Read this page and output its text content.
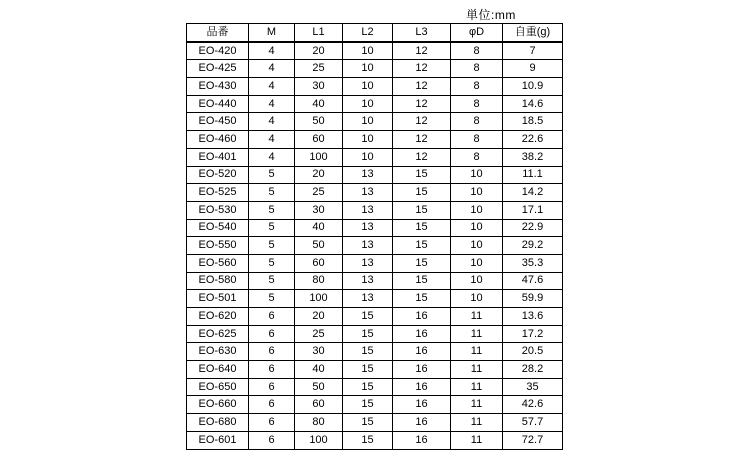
単位:mm
品番	M	L1	L2	L3	φD	自重(g)
EO-420	4	20	10	12	8	7
EO-425	4	25	10	12	8	9
EO-430	4	30	10	12	8	10.9
EO-440	4	40	10	12	8	14.6
EO-450	4	50	10	12	8	18.5
EO-460	4	60	10	12	8	22.6
EO-401	4	100	10	12	8	38.2
EO-520	5	20	13	15	10	11.1
EO-525	5	25	13	15	10	14.2
EO-530	5	30	13	15	10	17.1
EO-540	5	40	13	15	10	22.9
EO-550	5	50	13	15	10	29.2
EO-560	5	60	13	15	10	35.3
EO-580	5	80	13	15	10	47.6
EO-501	5	100	13	15	10	59.9
EO-620	6	20	15	16	11	13.6
EO-625	6	25	15	16	11	17.2
EO-630	6	30	15	16	11	20.5
EO-640	6	40	15	16	11	28.2
EO-650	6	50	15	16	11	35
EO-660	6	60	15	16	11	42.6
EO-680	6	80	15	16	11	57.7
EO-601	6	100	15	16	11	72.7
